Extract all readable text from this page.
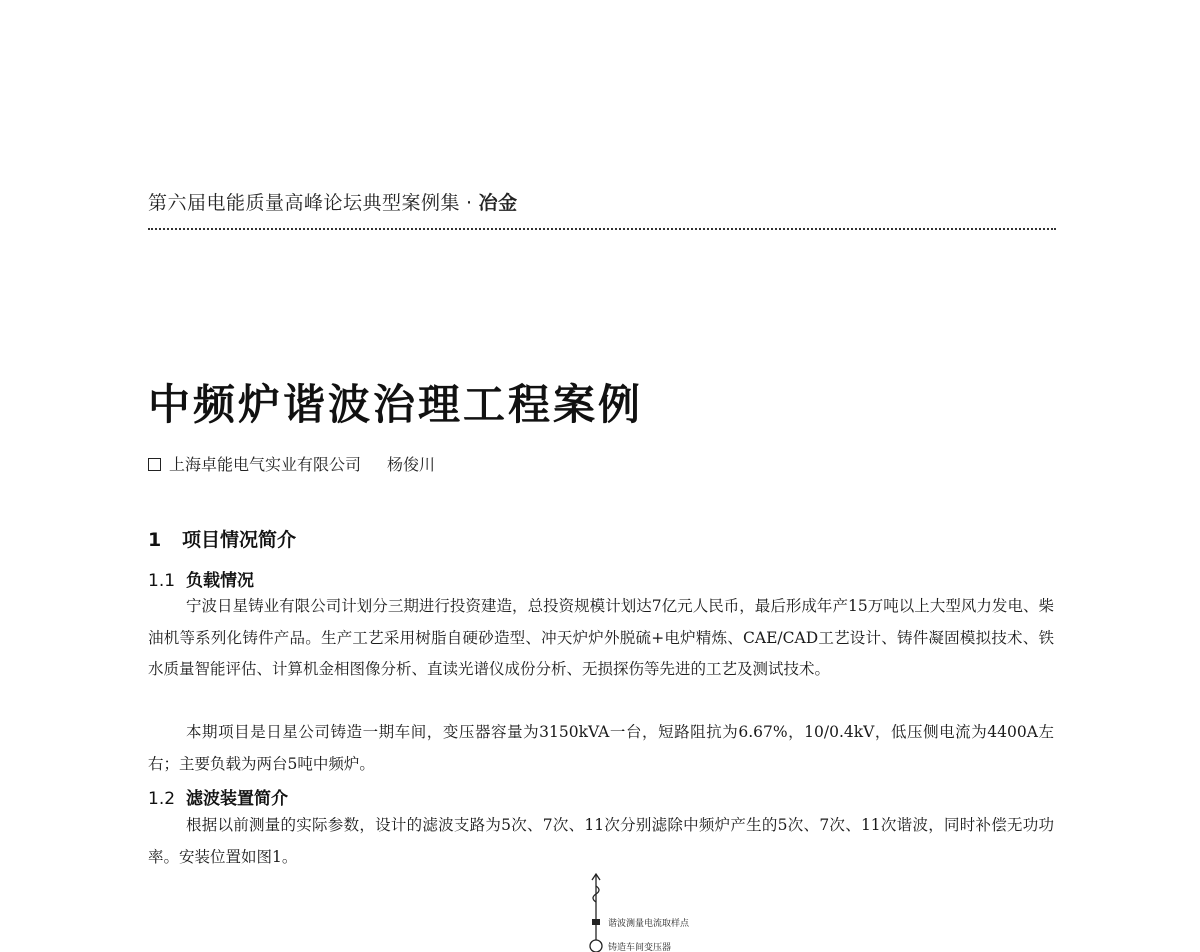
第六届电能质量高峰论坛典型案例集 · 冶金
中频炉谐波治理工程案例
上海卓能电气实业有限公司 杨俊川
1 项目情况简介
1.1 负载情况

宁波日星铸业有限公司计划分三期进行投资建造，总投资规模计划达7亿元人民币，最后形成年产15万吨以上大型风力发电、柴油机等系列化铸件产品。生产工艺采用树脂自硬砂造型、冲天炉炉外脱硫+电炉精炼、CAE/CAD工艺设计、铸件凝固模拟技术、铁水质量智能评估、计算机金相图像分析、直读光谱仪成份分析、无损探伤等先进的工艺及测试技术。

本期项目是日星公司铸造一期车间，变压器容量为3150kVA一台，短路阻抗为6.67%，10/0.4kV，低压侧电流为4400A左右；主要负载为两台5吨中频炉。

1.2 滤波装置简介

根据以前测量的实际参数，设计的滤波支路为5次、7次、11次分别滤除中频炉产生的5次、7次、11次谐波，同时补偿无功功率。安装位置如图1。

谐波测量电流取样点
铸造车间变压器
